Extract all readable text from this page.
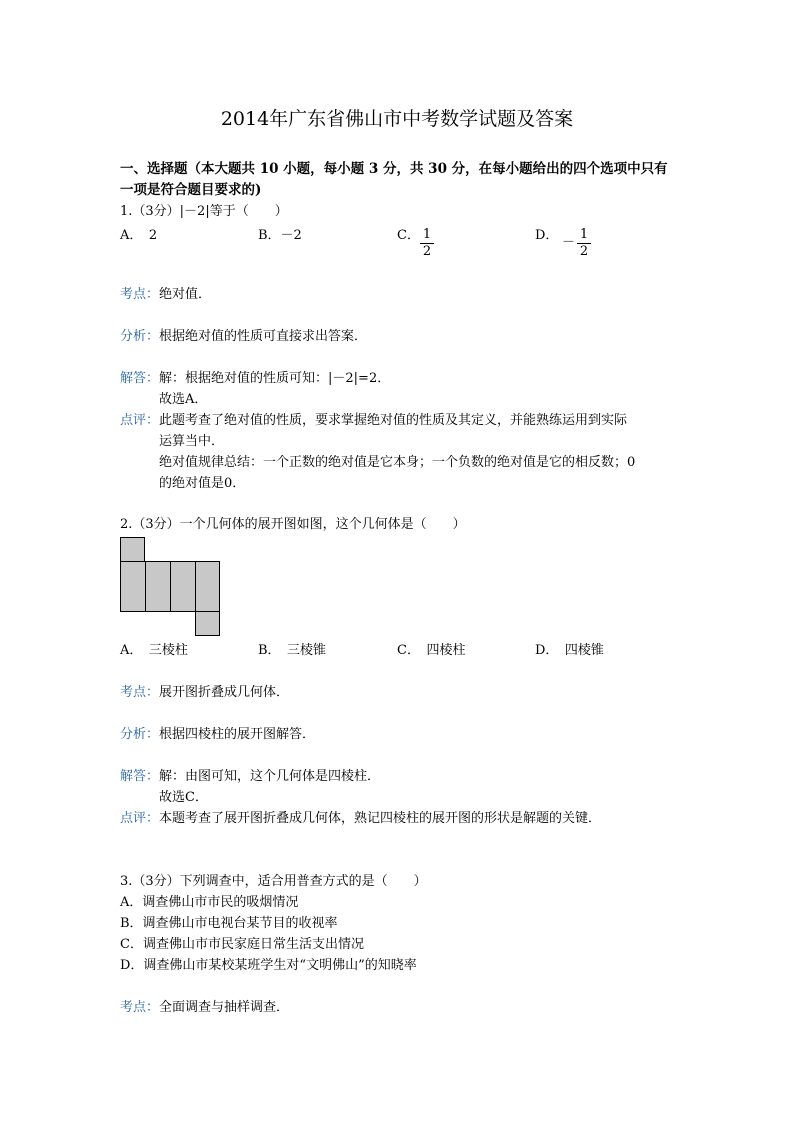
2014年广东省佛山市中考数学试题及答案
一、选择题（本大题共 10 小题，每小题 3 分，共 30 分，在每小题给出的四个选项中只有
一项是符合题目要求的)
1.（3分）|－2|等于（　　）
A．　2	B．－2	C． $\frac{1}{2}$	D． － $\frac{1}{2}$
考点：绝对值．
分析：根据绝对值的性质可直接求出答案．
解答：解：根据绝对值的性质可知：|－2|=2．
故选A．
点评：此题考查了绝对值的性质，要求掌握绝对值的性质及其定义，并能熟练运用到实际
运算当中．
绝对值规律总结：一个正数的绝对值是它本身；一个负数的绝对值是它的相反数；0
的绝对值是0．
2.（3分）一个几何体的展开图如图，这个几何体是（　　）
A．　三棱柱	B．　三棱锥	C．　四棱柱	D．　四棱锥
考点：展开图折叠成几何体．
分析：根据四棱柱的展开图解答．
解答：解：由图可知，这个几何体是四棱柱．
故选C．
点评：本题考查了展开图折叠成几何体，熟记四棱柱的展开图的形状是解题的关键．
3.（3分）下列调查中，适合用普查方式的是（　　）
A．调查佛山市市民的吸烟情况
B．调查佛山市电视台某节目的收视率
C．调查佛山市市民家庭日常生活支出情况
D．调查佛山市某校某班学生对“文明佛山”的知晓率
考点：全面调查与抽样调查．
